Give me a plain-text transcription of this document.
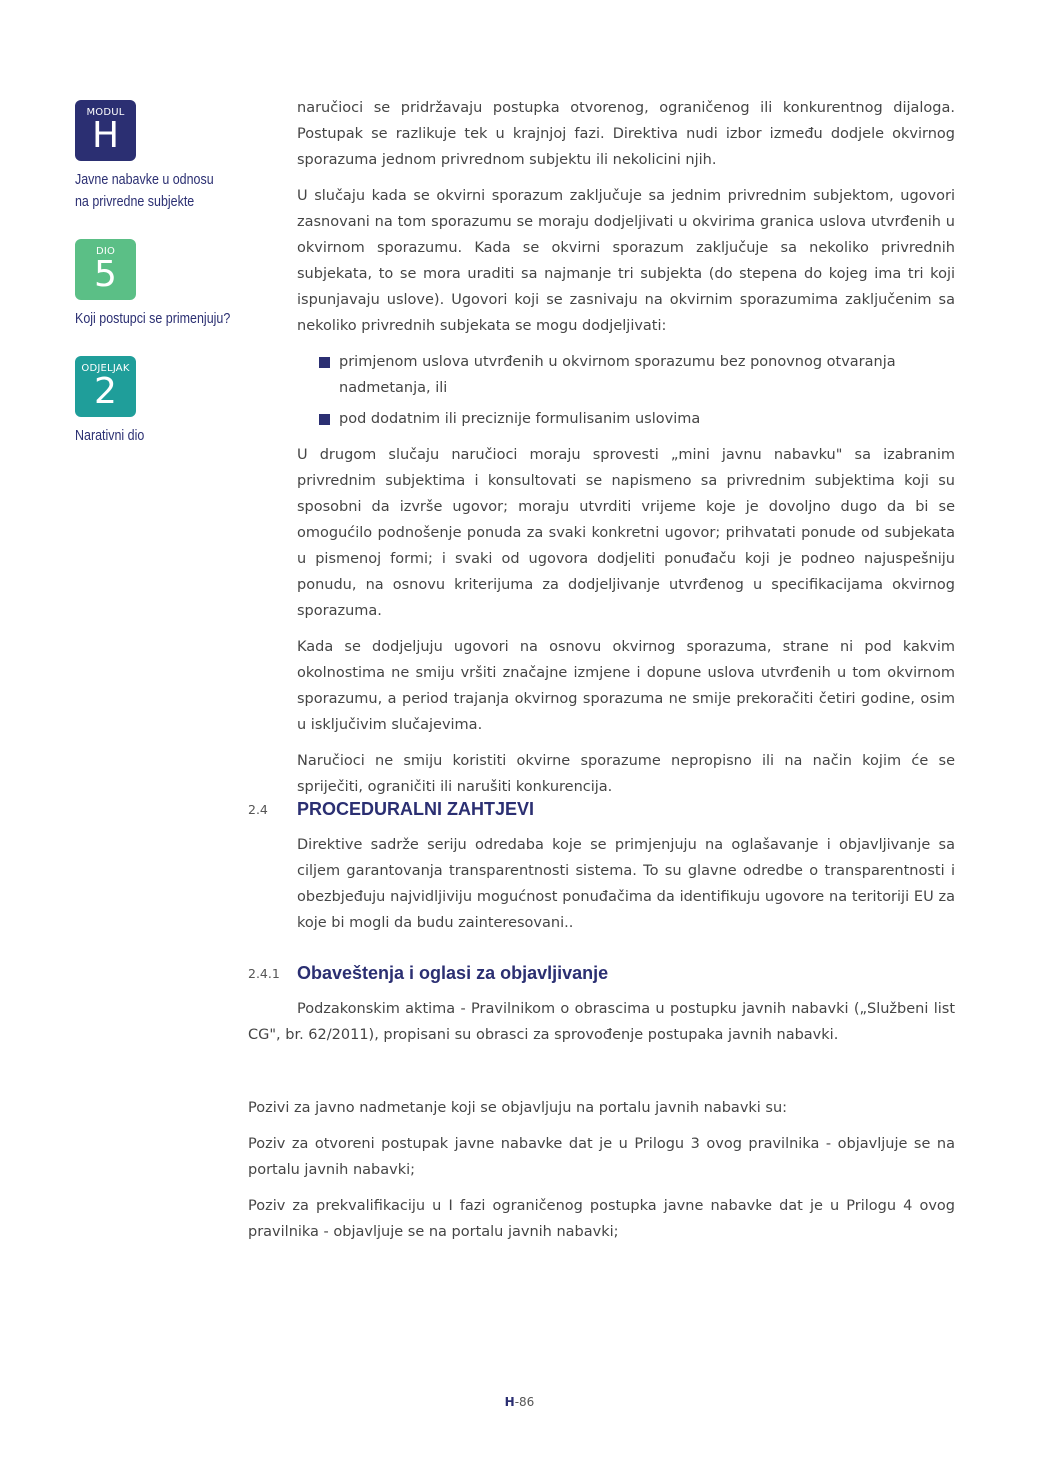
MODUL
H
Javne nabavke u odnosu
na privredne subjekte
DIO
5
Koji postupci se primenjuju?
ODJELJAK
2
Narativni dio

naručioci se pridržavaju postupka otvorenog, ograničenog ili konkurentnog dijaloga. Postupak se razlikuje tek u krajnjoj fazi. Direktiva nudi izbor između dodjele okvirnog sporazuma jednom privrednom subjektu ili nekolicini njih.

U slučaju kada se okvirni sporazum zaključuje sa jednim privrednim subjektom, ugovori zasnovani na tom sporazumu se moraju dodjeljivati u okvirima granica uslova utvrđenih u okvirnom sporazumu. Kada se okvirni sporazum zaključuje sa nekoliko privrednih subjekata, to se mora uraditi sa najmanje tri subjekta (do stepena do kojeg ima tri koji ispunjavaju uslove). Ugovori koji se zasnivaju na okvirnim sporazumima zaključenim sa nekoliko privrednih subjekata se mogu dodjeljivati:

primjenom uslova utvrđenih u okvirnom sporazumu bez ponovnog otvaranja nadmetanja, ili
pod dodatnim ili preciznije formulisanim uslovima

U drugom slučaju naručioci moraju sprovesti „mini javnu nabavku" sa izabranim privrednim subjektima i konsultovati se napismeno sa privrednim subjektima koji su sposobni da izvrše ugovor; moraju utvrditi vrijeme koje je dovoljno dugo da bi se omogućilo podnošenje ponuda za svaki konkretni ugovor; prihvatati ponude od subjekata u pismenoj formi; i svaki od ugovora dodjeliti ponuđaču koji je podneo najuspešniju ponudu, na osnovu kriterijuma za dodjeljivanje utvrđenog u specifikacijama okvirnog sporazuma.

Kada se dodjeljuju ugovori na osnovu okvirnog sporazuma, strane ni pod kakvim okolnostima ne smiju vršiti značajne izmjene i dopune uslova utvrđenih u tom okvirnom sporazumu, a period trajanja okvirnog sporazuma ne smije prekoračiti četiri godine, osim u isključivim slučajevima.

Naručioci ne smiju koristiti okvirne sporazume nepropisno ili na način kojim će se spriječiti, ograničiti ili narušiti konkurencija.

2.4 PROCEDURALNI ZAHTJEVI

Direktive sadrže seriju odredaba koje se primjenjuju na oglašavanje i objavljivanje sa ciljem garantovanja transparentnosti sistema. To su glavne odredbe o transparentnosti i obezbjeđuju najvidljiviju mogućnost ponuđačima da identifikuju ugovore na teritoriji EU za koje bi mogli da budu zainteresovani..

2.4.1 Obaveštenja i oglasi za objavljivanje

Podzakonskim aktima - Pravilnikom o obrascima u postupku javnih nabavki („Službeni list CG", br. 62/2011), propisani su obrasci za sprovođenje postupaka javnih nabavki.

Pozivi za javno nadmetanje koji se objavljuju na portalu javnih nabavki su:

Poziv za otvoreni postupak javne nabavke dat je u Prilogu 3 ovog pravilnika - objavljuje se na portalu javnih nabavki;

Poziv za prekvalifikaciju u I fazi ograničenog postupka javne nabavke dat je u Prilogu 4 ovog pravilnika - objavljuje se na portalu javnih nabavki;

H-86
